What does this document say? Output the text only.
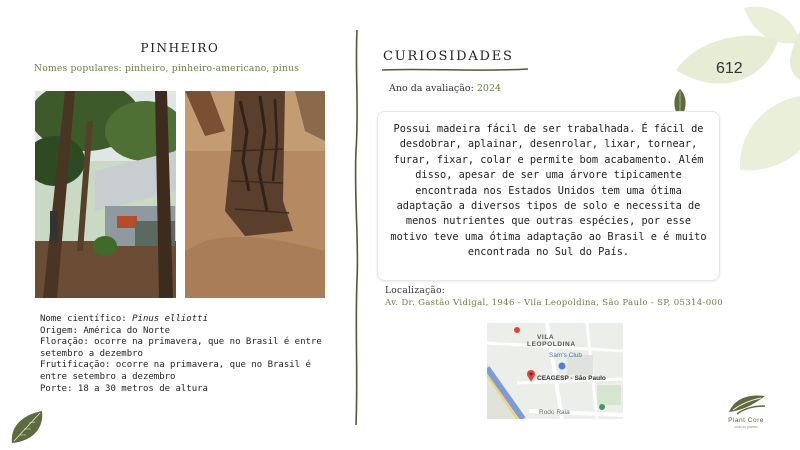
PINHEIRO
Nomes populares: pinheiro, pinheiro-americano, pinus
Nome científico: Pinus elliotti
Origem: América do Norte
Floração: ocorre na primavera, que no Brasil é entre setembro a dezembro
Frutificação: ocorre na primavera, que no Brasil é entre setembro a dezembro
Porte: 18 a 30 metros de altura
CURIOSIDADES
Ano da avaliação: 2024

Possui madeira fácil de ser trabalhada. É fácil de desdobrar, aplainar, desenrolar, lixar, tornear, furar, fixar, colar e permite bom acabamento. Além disso, apesar de ser uma árvore tipicamente encontrada nos Estados Unidos tem uma ótima adaptação a diversos tipos de solo e necessita de menos nutrientes que outras espécies, por esse motivo teve uma ótima adaptação ao Brasil e é muito encontrada no Sul do País.

Localização:
Av. Dr. Gastão Vidigal, 1946 - Vila Leopoldina, São Paulo - SP, 05314-000
VILA
LEOPOLDINA
Sam's Club
CEAGESP - São Paulo
Rodo Raia
612
Plant Core
ciclo do plantio
